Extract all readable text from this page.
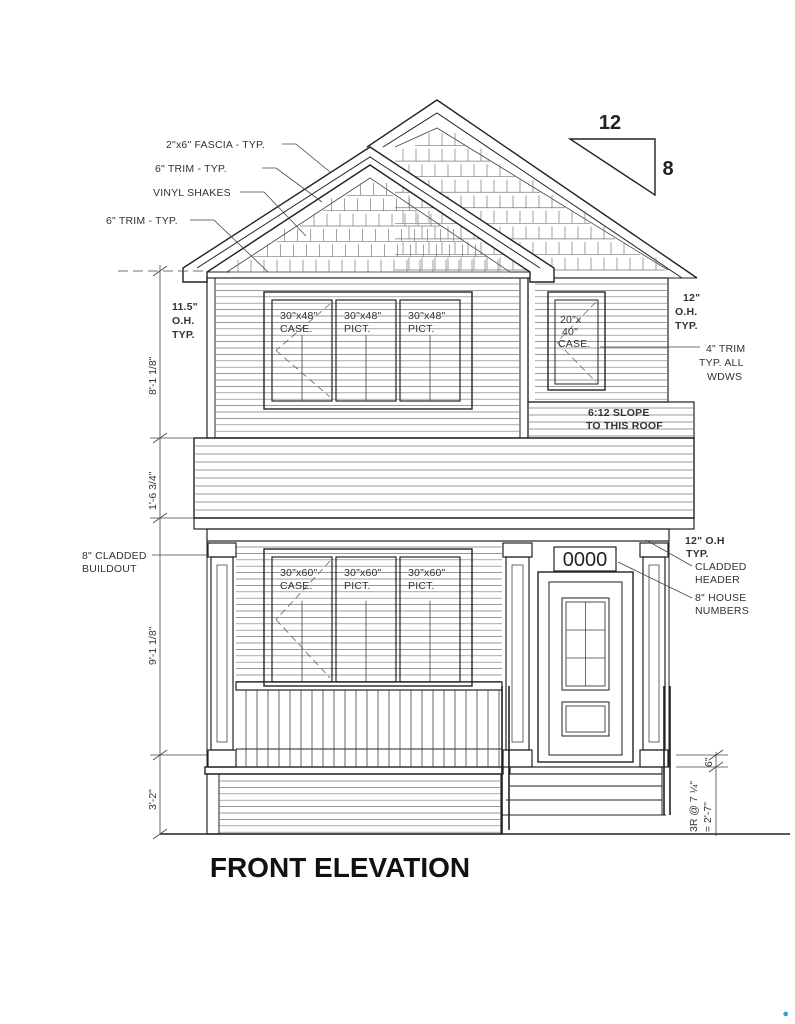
30"x48"
CASE.
30"x48"
PICT.
30"x48"
PICT.
30"x60"
CASE.
30"x60"
PICT.
30"x60"
PICT.
0000
8'-1 1/8"
1'-6 3/4"
9'-1 1/8"
3'-2"
6"
3R @ 7 ¼" = 2'-7"
12
8
2"x6" FASCIA - TYP.
6" TRIM - TYP.
VINYL SHAKES
6" TRIM - TYP.
11.5"
O.H.
TYP.
8" CLADDED
BUILDOUT
12"
O.H.
TYP.
4" TRIM
TYP. ALL
WDWS
6:12 SLOPE
TO THIS ROOF
12" O.H
TYP.
CLADDED
HEADER
8" HOUSE
NUMBERS
20"x
40"
CASE.
FRONT ELEVATION
●
